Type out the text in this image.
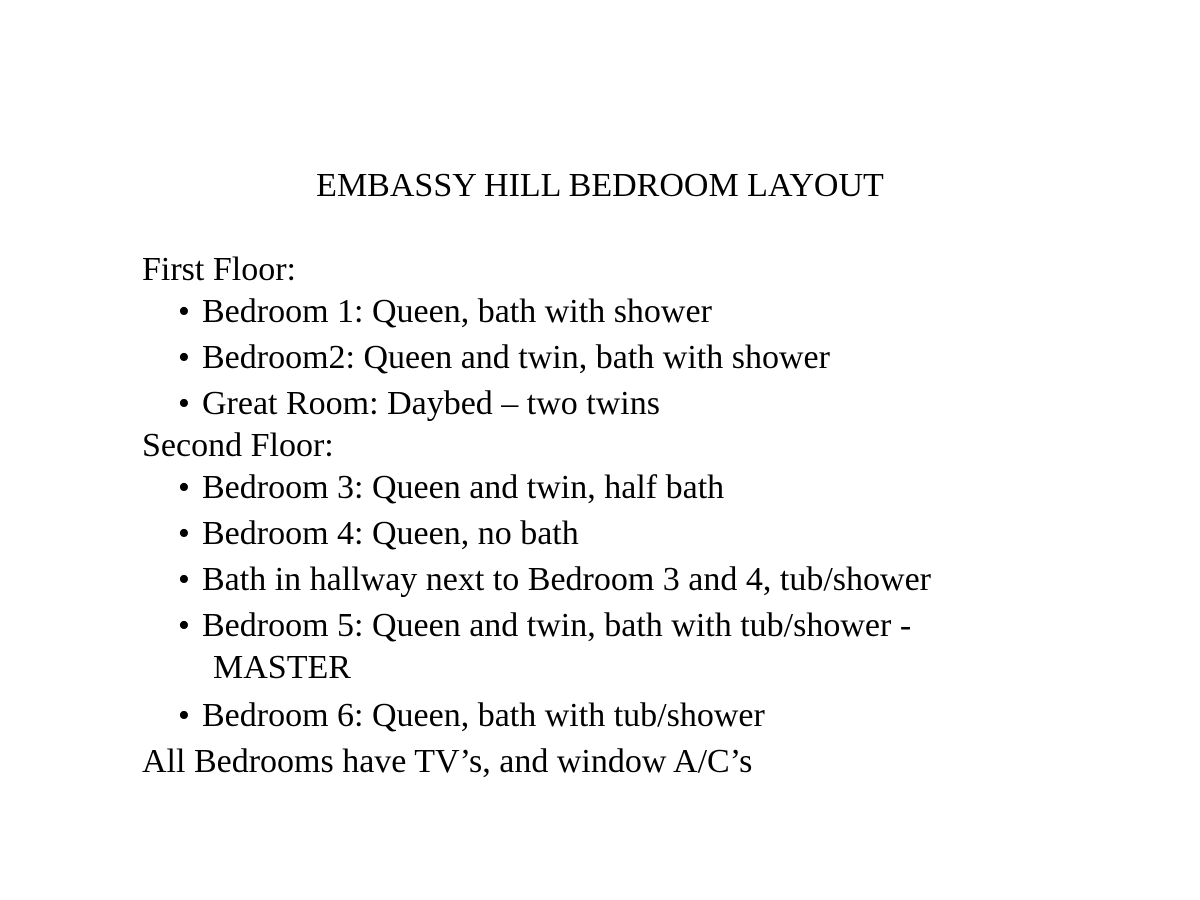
EMBASSY HILL BEDROOM LAYOUT
First Floor:
• Bedroom 1: Queen, bath with shower
• Bedroom2: Queen and twin, bath with shower
• Great Room: Daybed – two twins
Second Floor:
• Bedroom 3: Queen and twin, half bath
• Bedroom 4: Queen, no bath
• Bath in hallway next to Bedroom 3 and 4, tub/shower
• Bedroom 5: Queen and twin, bath with tub/shower -
MASTER
• Bedroom 6: Queen, bath with tub/shower
All Bedrooms have TV’s, and window A/C’s
